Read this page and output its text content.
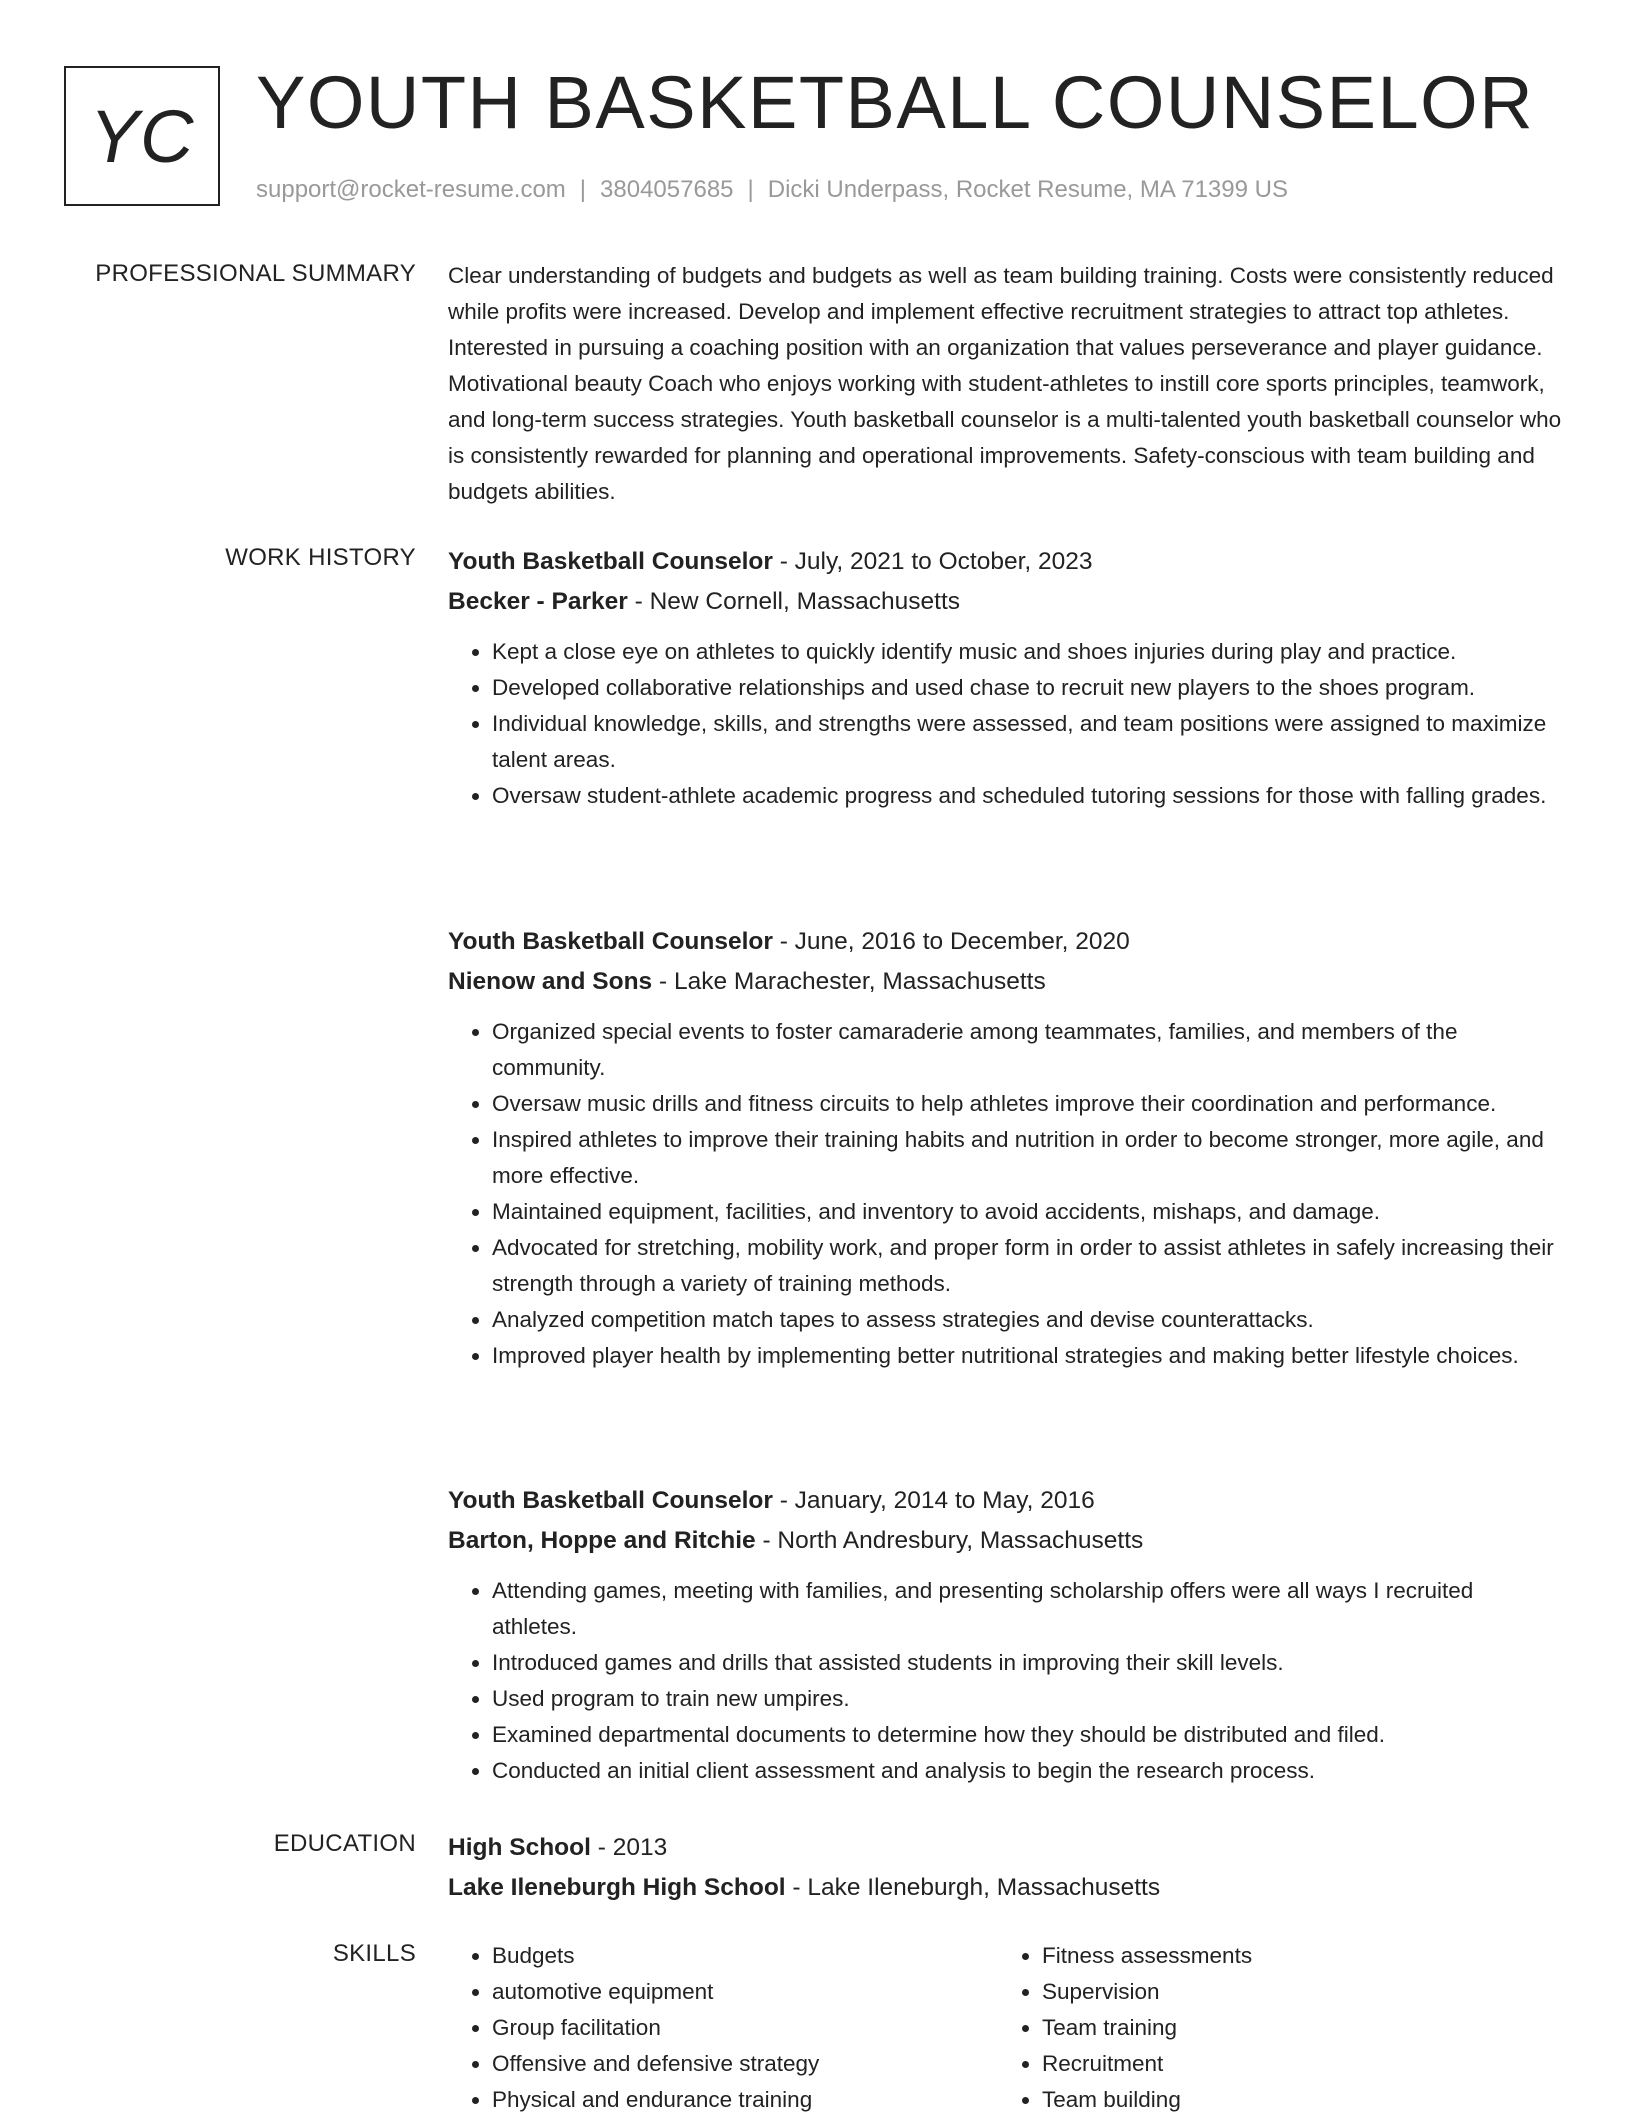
YC YOUTH BASKETBALL COUNSELOR
support@rocket-resume.com | 3804057685 | Dicki Underpass, Rocket Resume, MA 71399 US
PROFESSIONAL SUMMARY Clear understanding of budgets and budgets as well as team building training. Costs were consistently reduced while profits were increased. Develop and implement effective recruitment strategies to attract top athletes. Interested in pursuing a coaching position with an organization that values perseverance and player guidance. Motivational beauty Coach who enjoys working with student-athletes to instill core sports principles, teamwork, and long-term success strategies. Youth basketball counselor is a multi-talented youth basketball counselor who is consistently rewarded for planning and operational improvements. Safety-conscious with team building and budgets abilities.

WORK HISTORY Youth Basketball Counselor - July, 2021 to October, 2023
Becker - Parker - New Cornell, Massachusetts
• Kept a close eye on athletes to quickly identify music and shoes injuries during play and practice.
• Developed collaborative relationships and used chase to recruit new players to the shoes program.
• Individual knowledge, skills, and strengths were assessed, and team positions were assigned to maximize talent areas.
• Oversaw student-athlete academic progress and scheduled tutoring sessions for those with falling grades.
Youth Basketball Counselor - June, 2016 to December, 2020
Nienow and Sons - Lake Marachester, Massachusetts
• Organized special events to foster camaraderie among teammates, families, and members of the community.
• Oversaw music drills and fitness circuits to help athletes improve their coordination and performance.
• Inspired athletes to improve their training habits and nutrition in order to become stronger, more agile, and more effective.
• Maintained equipment, facilities, and inventory to avoid accidents, mishaps, and damage.
• Advocated for stretching, mobility work, and proper form in order to assist athletes in safely increasing their strength through a variety of training methods.
• Analyzed competition match tapes to assess strategies and devise counterattacks.
• Improved player health by implementing better nutritional strategies and making better lifestyle choices.
Youth Basketball Counselor - January, 2014 to May, 2016
Barton, Hoppe and Ritchie - North Andresbury, Massachusetts
• Attending games, meeting with families, and presenting scholarship offers were all ways I recruited athletes.
• Introduced games and drills that assisted students in improving their skill levels.
• Used program to train new umpires.
• Examined departmental documents to determine how they should be distributed and filed.
• Conducted an initial client assessment and analysis to begin the research process.
EDUCATION High School - 2013
Lake Ileneburgh High School - Lake Ileneburgh, Massachusetts
SKILLS
•	Budgets
• automotive equipment
• Group facilitation
• Offensive and defensive strategy
• Physical and endurance training
• Fitness assessments
• Supervision
• Team training
• Recruitment
• Team building
